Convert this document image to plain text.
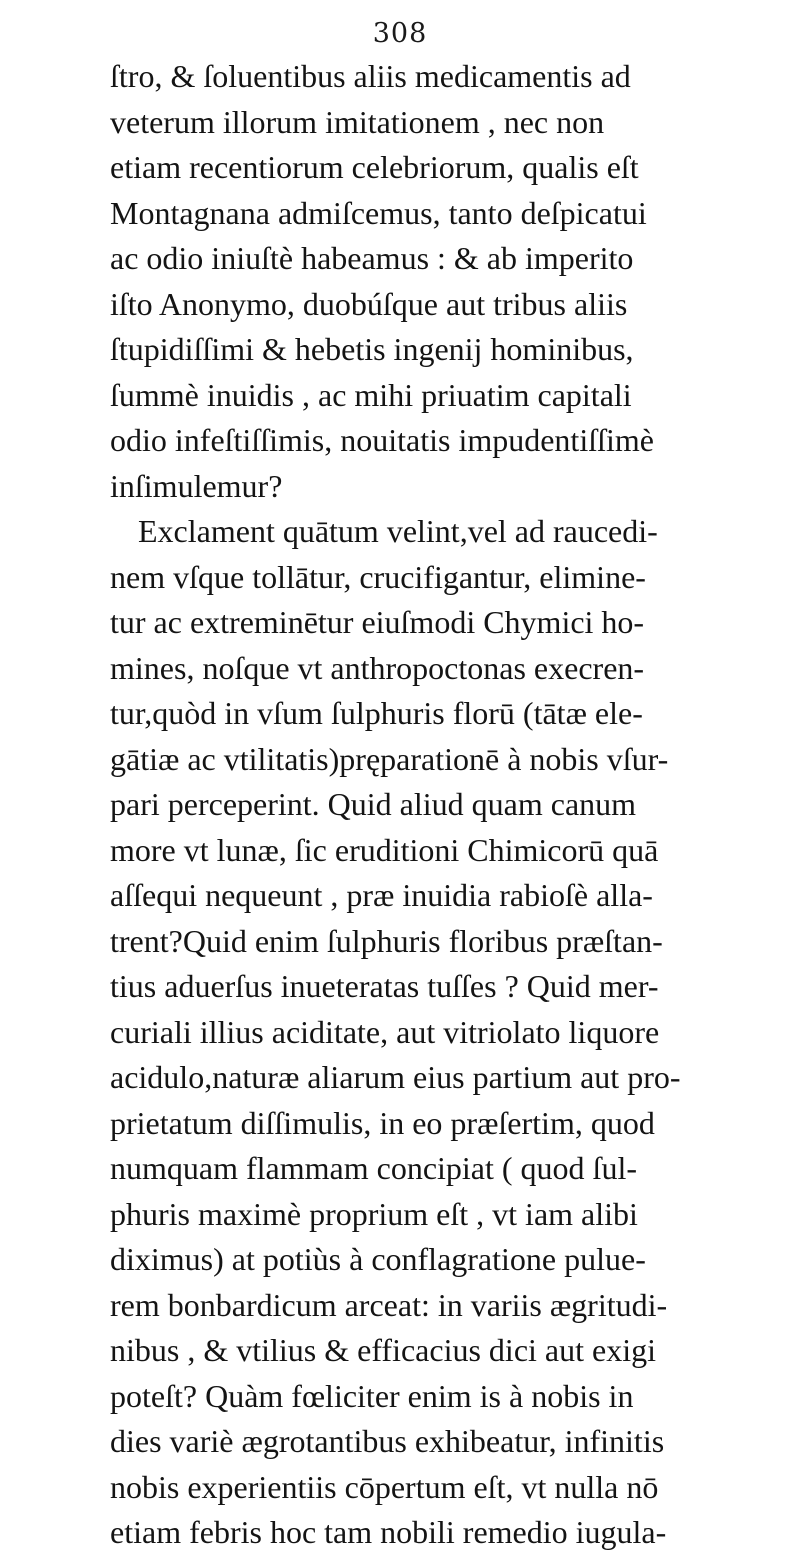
308
ſtro, & ſoluentibus aliis medicamentis ad
veterum illorum imitationem , nec non
etiam recentiorum celebriorum, qualis eſt
Montagnana admiſcemus, tanto deſpicatui
ac odio iniuſtè habeamus : & ab imperito
iſto Anonymo, duobúſque aut tribus aliis
ſtupidiſſimi & hebetis ingenij hominibus,
ſummè inuidis , ac mihi priuatim capitali
odio infeſtiſſimis, nouitatis impudentiſſimè
inſimulemur?
Exclament quātum velint,vel ad raucedi-
nem vſque tollātur, crucifigantur, elimine-
tur ac extreminētur eiuſmodi Chymici ho-
mines, noſque vt anthropoctonas execren-
tur,quòd in vſum ſulphuris florū (tātæ ele-
gātiæ ac vtilitatis)pręparationē à nobis vſur-
pari perceperint. Quid aliud quam canum
more vt lunæ, ſic eruditioni Chimicorū quā
aſſequi nequeunt , præ inuidia rabioſè alla-
trent?Quid enim ſulphuris floribus præſtan-
tius aduerſus inueteratas tuſſes ? Quid mer-
curiali illius aciditate, aut vitriolato liquore
acidulo,naturæ aliarum eius partium aut pro-
prietatum diſſimulis, in eo præſertim, quod
numquam flammam concipiat ( quod ſul-
phuris maximè proprium eſt , vt iam alibi
diximus) at potiùs à conflagratione pulue-
rem bonbardicum arceat: in variis ægritudi-
nibus , & vtilius & efficacius dici aut exigi
poteſt? Quàm fœliciter enim is à nobis in
dies variè ægrotantibus exhibeatur, infinitis
nobis experientiis cōpertum eſt, vt nulla nō
etiam febris hoc tam nobili remedio iugula-
